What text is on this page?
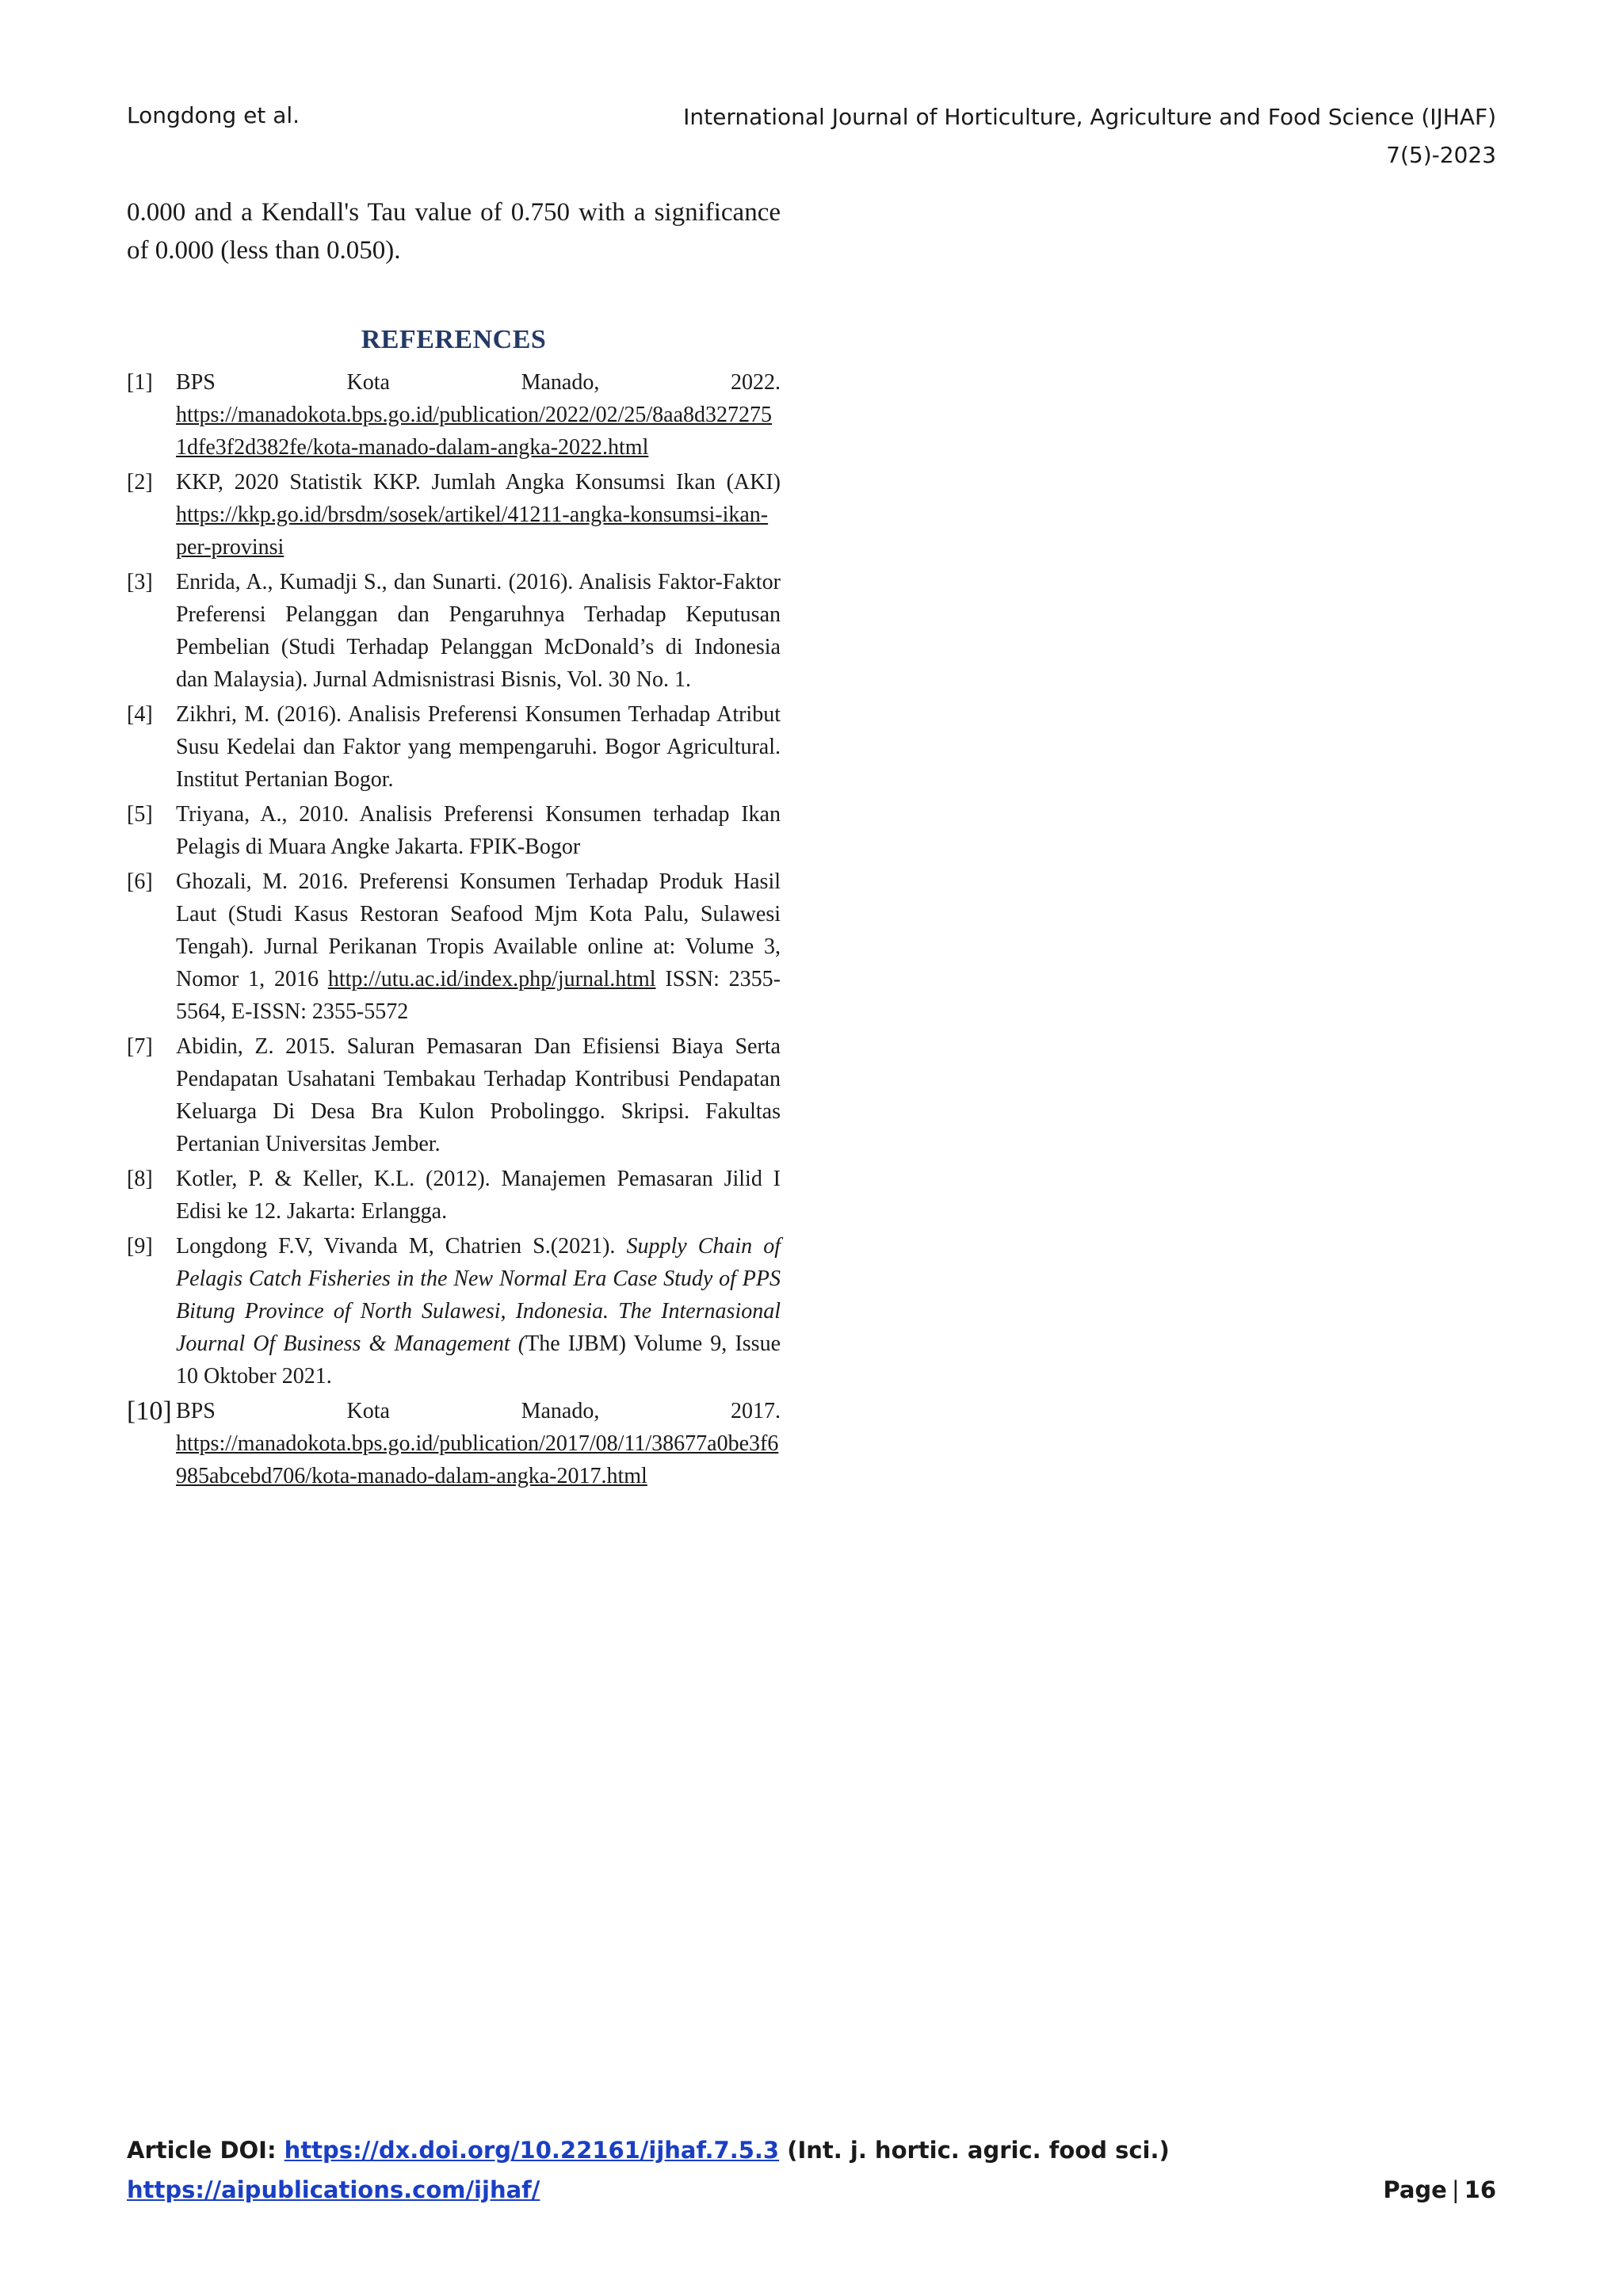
Longdong et al.	International Journal of Horticulture, Agriculture and Food Science (IJHAF)
7(5)-2023

0.000 and a Kendall's Tau value of 0.750 with a significance of 0.000 (less than 0.050).

REFERENCES
[1]	BPS	Kota	Manado,	2022.
https://manadokota.bps.go.id/publication/2022/02/25/8aa8d3272751dfe3f2d382fe/kota-manado-dalam-angka-2022.html
[2]	KKP, 2020 Statistik KKP. Jumlah Angka Konsumsi Ikan (AKI) https://kkp.go.id/brsdm/sosek/artikel/41211-angka-konsumsi-ikan-per-provinsi
[3]	Enrida, A., Kumadji S., dan Sunarti. (2016). Analisis Faktor-Faktor Preferensi Pelanggan dan Pengaruhnya Terhadap Keputusan Pembelian (Studi Terhadap Pelanggan McDonald’s di Indonesia dan Malaysia). Jurnal Admisnistrasi Bisnis, Vol. 30 No. 1.
[4]	Zikhri, M. (2016). Analisis Preferensi Konsumen Terhadap Atribut Susu Kedelai dan Faktor yang mempengaruhi. Bogor Agricultural. Institut Pertanian Bogor.
[5]	Triyana, A., 2010. Analisis Preferensi Konsumen terhadap Ikan Pelagis di Muara Angke Jakarta. FPIK-Bogor
[6]	Ghozali, M. 2016. Preferensi Konsumen Terhadap Produk Hasil Laut (Studi Kasus Restoran Seafood Mjm Kota Palu, Sulawesi Tengah). Jurnal Perikanan Tropis Available online at: Volume 3, Nomor 1, 2016 http://utu.ac.id/index.php/jurnal.html ISSN: 2355-5564, E-ISSN: 2355-5572
[7]	Abidin, Z. 2015. Saluran Pemasaran Dan Efisiensi Biaya Serta Pendapatan Usahatani Tembakau Terhadap Kontribusi Pendapatan Keluarga Di Desa Bra Kulon Probolinggo. Skripsi. Fakultas Pertanian Universitas Jember.
[8]	Kotler, P. & Keller, K.L. (2012). Manajemen Pemasaran Jilid I Edisi ke 12. Jakarta: Erlangga.
[9]	Longdong F.V, Vivanda M, Chatrien S.(2021). Supply Chain of Pelagis Catch Fisheries in the New Normal Era Case Study of PPS Bitung Province of North Sulawesi, Indonesia. The Internasional Journal Of Business & Management (The IJBM) Volume 9, Issue 10 Oktober 2021.
[10] BPS	Kota	Manado,	2017.
https://manadokota.bps.go.id/publication/2017/08/11/38677a0be3f6985abcebd706/kota-manado-dalam-angka-2017.html
Article DOI: https://dx.doi.org/10.22161/ijhaf.7.5.3 (Int. j. hortic. agric. food sci.)
https://aipublications.com/ijhaf/	Page | 16
